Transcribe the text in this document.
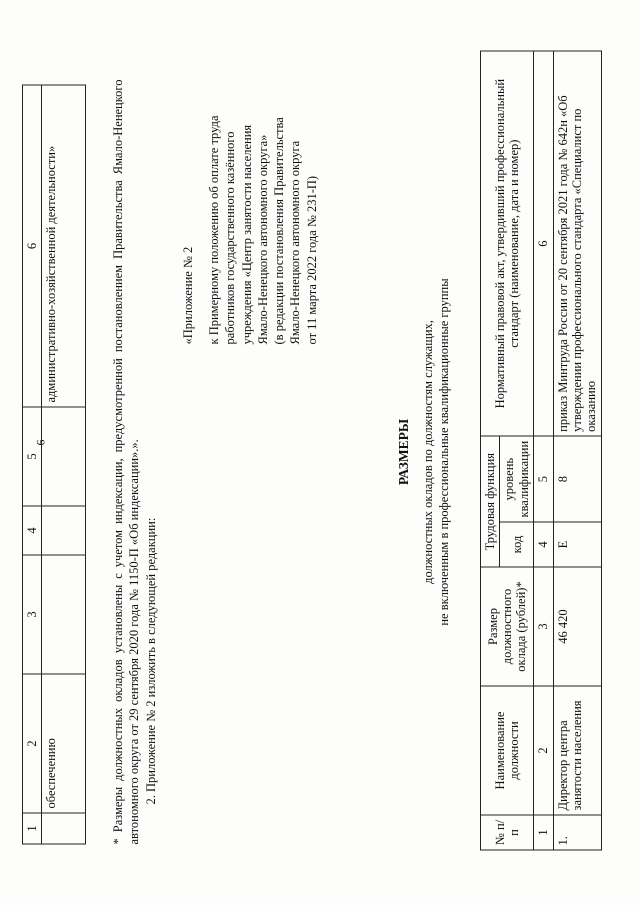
6
1	2	3	4	5	6
	обеспечению				административно-хозяйственной деятельности»	* Размеры должностных окладов установлены с учетом индексации, предусмотренной постановлением Правительства Ямало-Ненецкого автономного округа от 29 сентября 2020 года № 1150-П «Об индексации».». 2. Приложение № 2 изложить в следующей редакции:
«Приложение № 2 к Примерному положению об оплате труда работников государственного казённого учреждения «Центр занятости населения Ямало-Ненецкого автономного округа» (в редакции постановления Правительства Ямало-Ненецкого автономного округа от 11 марта 2022 года № 231-П)
РАЗМЕРЫ должностных окладов по должностям служащих, не включенным в профессиональные квалификационные группы
№ п/п	Наименование должности	Размер должностного оклада (рублей)*	Трудовая функция		Нормативный правовой акт, утвердивший профессиональный стандарт (наименование, дата и номер)
			код	уровень квалификации	
1	2	3	4	5	6
1.	Директор центра занятости населения	46 420	Е	8	приказ Минтруда России от 20 сентября 2021 года № 642н «Об утверждении профессионального стандарта «Специалист по оказанию
